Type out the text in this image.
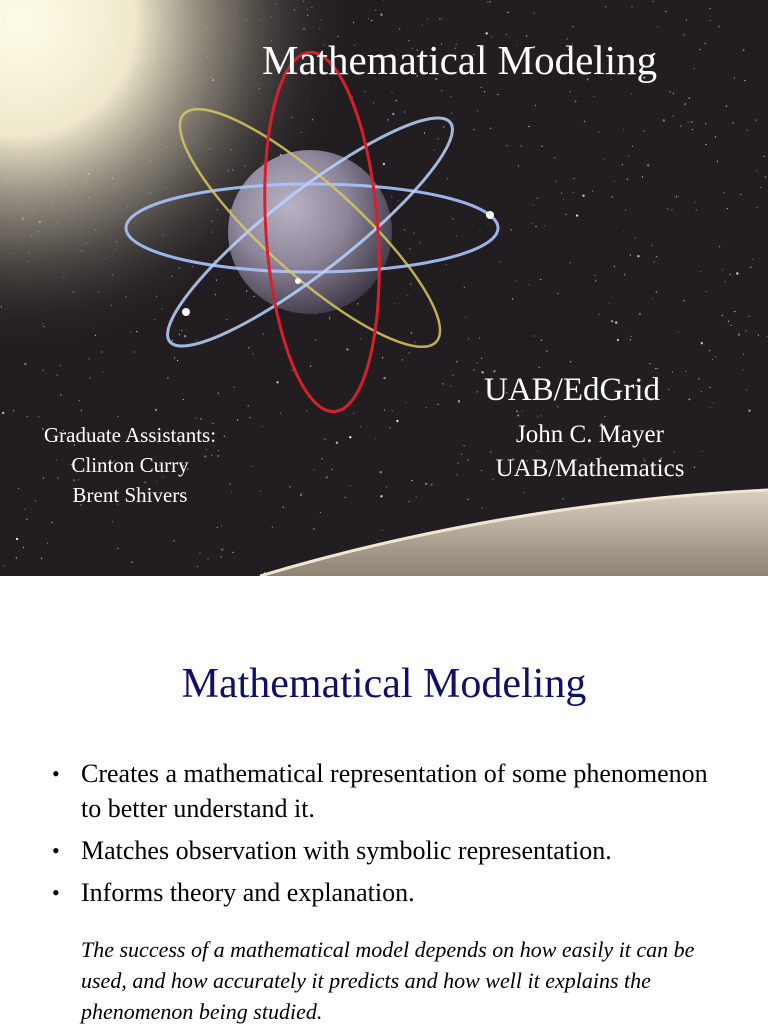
Mathematical Modeling
UAB/EdGrid
John C. Mayer
UAB/Mathematics
Graduate Assistants:
Clinton Curry
Brent Shivers
Mathematical Modeling
• Creates a mathematical representation of some phenomenon to better understand it.
• Matches observation with symbolic representation.
• Informs theory and explanation.
The success of a mathematical model depends on how easily it can be used, and how accurately it predicts and how well it explains the phenomenon being studied.
